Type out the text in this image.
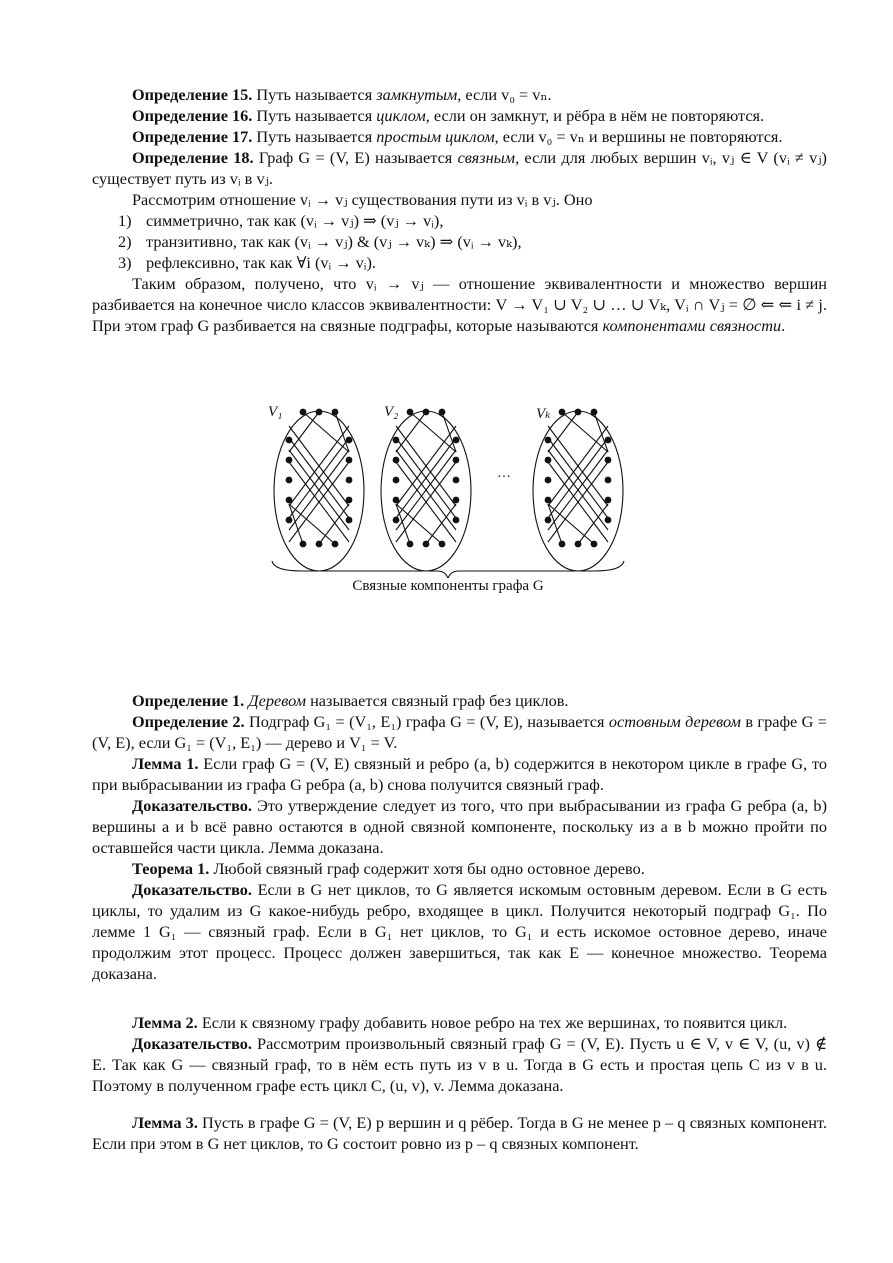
Определение 15. Путь называется замкнутым, если v₀ = vₙ.

Определение 16. Путь называется циклом, если он замкнут, и рёбра в нём не повторяются.

Определение 17. Путь называется простым циклом, если v₀ = vₙ и вершины не повторяются.

Определение 18. Граф G = (V, E) называется связным, если для любых вершин vᵢ, vⱼ ∈ V (vᵢ ≠ vⱼ) существует путь из vᵢ в vⱼ.

Рассмотрим отношение vᵢ → vⱼ существования пути из vᵢ в vⱼ. Оно

1) симметрично, так как (vᵢ → vⱼ) ⇒ (vⱼ → vᵢ),

2) транзитивно, так как (vᵢ → vⱼ) & (vⱼ → vₖ) ⇒ (vᵢ → vₖ),

3) рефлексивно, так как ∀i (vᵢ → vᵢ).

Таким образом, получено, что vᵢ → vⱼ — отношение эквивалентности и множество вершин разбивается на конечное число классов эквивалентности: V → V₁ ∪ V₂ ∪ … ∪ Vₖ, Vᵢ ∩ Vⱼ = ∅ ⇐ ⇐ i ≠ j. При этом граф G разбивается на связные подграфы, которые называются компонентами связности.

V₁	V₂	Vₖ
…
Связные компоненты графа G

Определение 1. Деревом называется связный граф без циклов.

Определение 2. Подграф G₁ = (V₁, E₁) графа G = (V, E), называется остовным деревом в графе G = (V, E), если G₁ = (V₁, E₁) — дерево и V₁ = V.

Лемма 1. Если граф G = (V, E) связный и ребро (a, b) содержится в некотором цикле в графе G, то при выбрасывании из графа G ребра (a, b) снова получится связный граф.

Доказательство. Это утверждение следует из того, что при выбрасывании из графа G ребра (a, b) вершины a и b всё равно остаются в одной связной компоненте, поскольку из a в b можно пройти по оставшейся части цикла. Лемма доказана.

Теорема 1. Любой связный граф содержит хотя бы одно остовное дерево.

Доказательство. Если в G нет циклов, то G является искомым остовным деревом. Если в G есть циклы, то удалим из G какое-нибудь ребро, входящее в цикл. Получится некоторый подграф G₁. По лемме 1 G₁ — связный граф. Если в G₁ нет циклов, то G₁ и есть искомое остовное дерево, иначе продолжим этот процесс. Процесс должен завершиться, так как E — конечное множество. Теорема доказана.

Лемма 2. Если к связному графу добавить новое ребро на тех же вершинах, то появится цикл.

Доказательство. Рассмотрим произвольный связный граф G = (V, E). Пусть u ∈ V, v ∈ V, (u, v) ∉ E. Так как G — связный граф, то в нём есть путь из v в u. Тогда в G есть и простая цепь C из v в u. Поэтому в полученном графе есть цикл C, (u, v), v. Лемма доказана.

Лемма 3. Пусть в графе G = (V, E) p вершин и q рёбер. Тогда в G не менее p – q связных компонент. Если при этом в G нет циклов, то G состоит ровно из p – q связных компонент.
